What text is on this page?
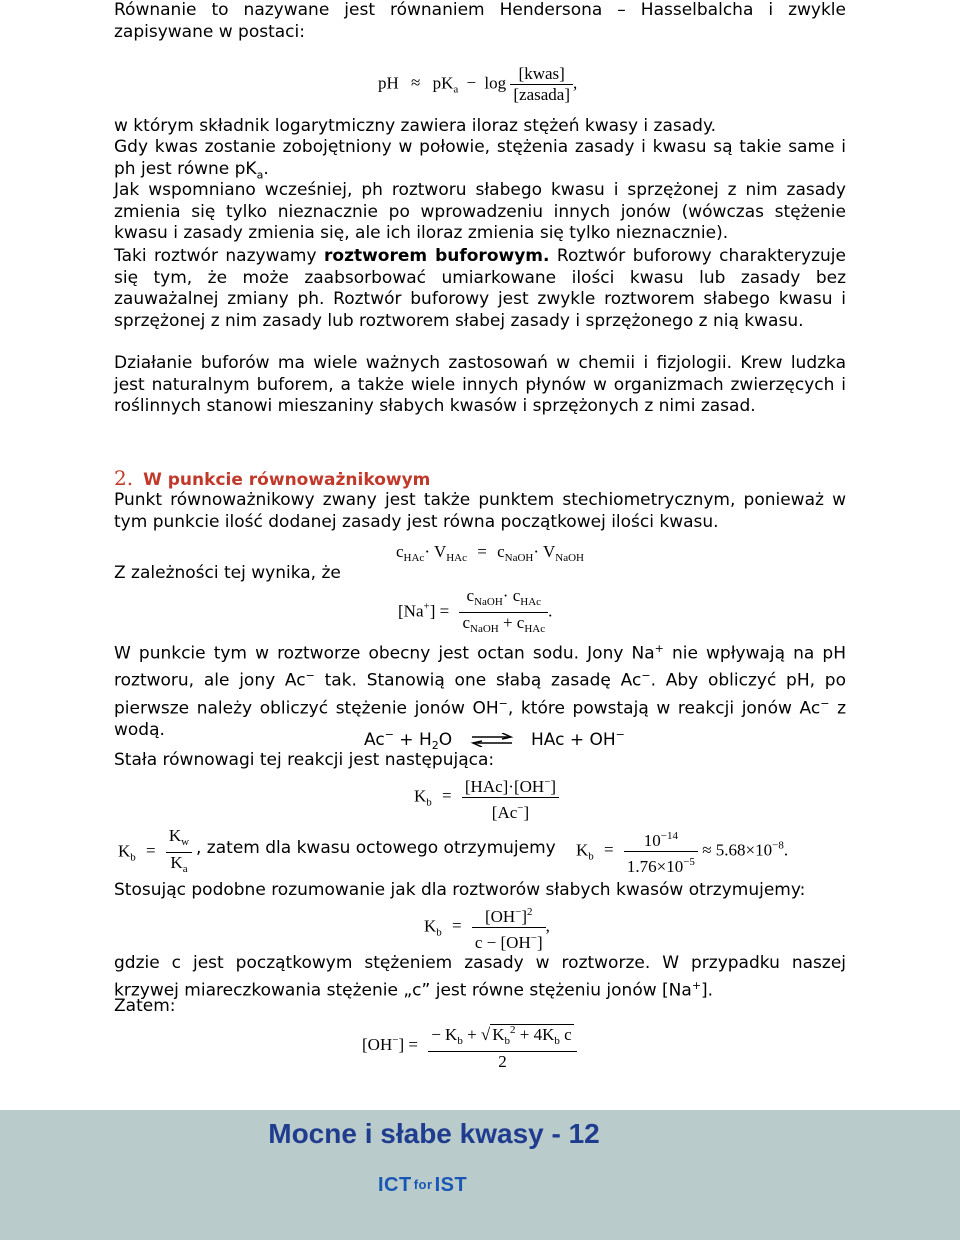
Równanie to nazywane jest równaniem Hendersona – Hasselbalcha i zwykle zapisywane w postaci:

pH ≈ $pK_a - \log \frac{\text{[kwas]}}{\text{[zasada]}}$ ,

w którym składnik logarytmiczny zawiera iloraz stężeń kwasy i zasady.

Gdy kwas zostanie zobojętniony w połowie, stężenia zasady i kwasu są takie same i ph jest równe $pK_a$.

Jak wspomniano wcześniej, ph roztworu słabego kwasu i sprzężonej z nim zasady zmienia się tylko nieznacznie po wprowadzeniu innych jonów (wówczas stężenie kwasu i zasady zmienia się, ale ich iloraz zmienia się tylko nieznacznie).

Taki roztwór nazywamy roztworem buforowym. Roztwór buforowy charakteryzuje się tym, że może zaabsorbować umiarkowane ilości kwasu lub zasady bez zauważalnej zmiany ph. Roztwór buforowy jest zwykle roztworem słabego kwasu i sprzężonej z nim zasady lub roztworem słabej zasady i sprzężonego z nią kwasu.

Działanie buforów ma wiele ważnych zastosowań w chemii i fizjologii. Krew ludzka jest naturalnym buforem, a także wiele innych płynów w organizmach zwierzęcych i roślinnych stanowi mieszaniny słabych kwasów i sprzężonych z nimi zasad.

2. W punkcie równoważnikowym

Punkt równoważnikowy zwany jest także punktem stechiometrycznym, ponieważ w tym punkcie ilość dodanej zasady jest równa początkowej ilości kwasu.

$c_{HAc}\cdot V_{HAc} = c_{NaOH}\cdot V_{NaOH}$

Z zależności tej wynika, że

$[Na^+] = \frac{c_{NaOH}\cdot c_{HAc}}{c_{NaOH} + c_{HAc}}$ .

W punkcie tym w roztworze obecny jest octan sodu. Jony Na+ nie wpływają na pH roztworu, ale jony Ac− tak. Stanowią one słabą zasadę Ac−. Aby obliczyć pH, po pierwsze należy obliczyć stężenie jonów OH−, które powstają w reakcji jonów Ac− z wodą.

$Ac^- + H_2O$ ⇌ HAc + OH−

Stała równowagi tej reakcji jest następująca:

$K_b = \frac{[HAc]\cdot[OH^-]}{[Ac^-]}$
$K_b = \frac{K_w}{K_a}$ , zatem dla kwasu octowego otrzymujemy	$K_b = \frac{10^{-14}}{1.76\times 10^{-5}} \approx 5.68\times 10^{-8}$.

Stosując podobne rozumowanie jak dla roztworów słabych kwasów otrzymujemy:

$K_b = \frac{[OH^-]^2}{c - [OH^-]}$ ,

gdzie c jest początkowym stężeniem zasady w roztworze. W przypadku naszej krzywej miareczkowania stężenie „c” jest równe stężeniu jonów [Na+].

Zatem:

$[OH^-] = \frac{- K_b + √ K_b^2 + 4K_b c}{2}$
Mocne i słabe kwasy - 12
ICT for IST
